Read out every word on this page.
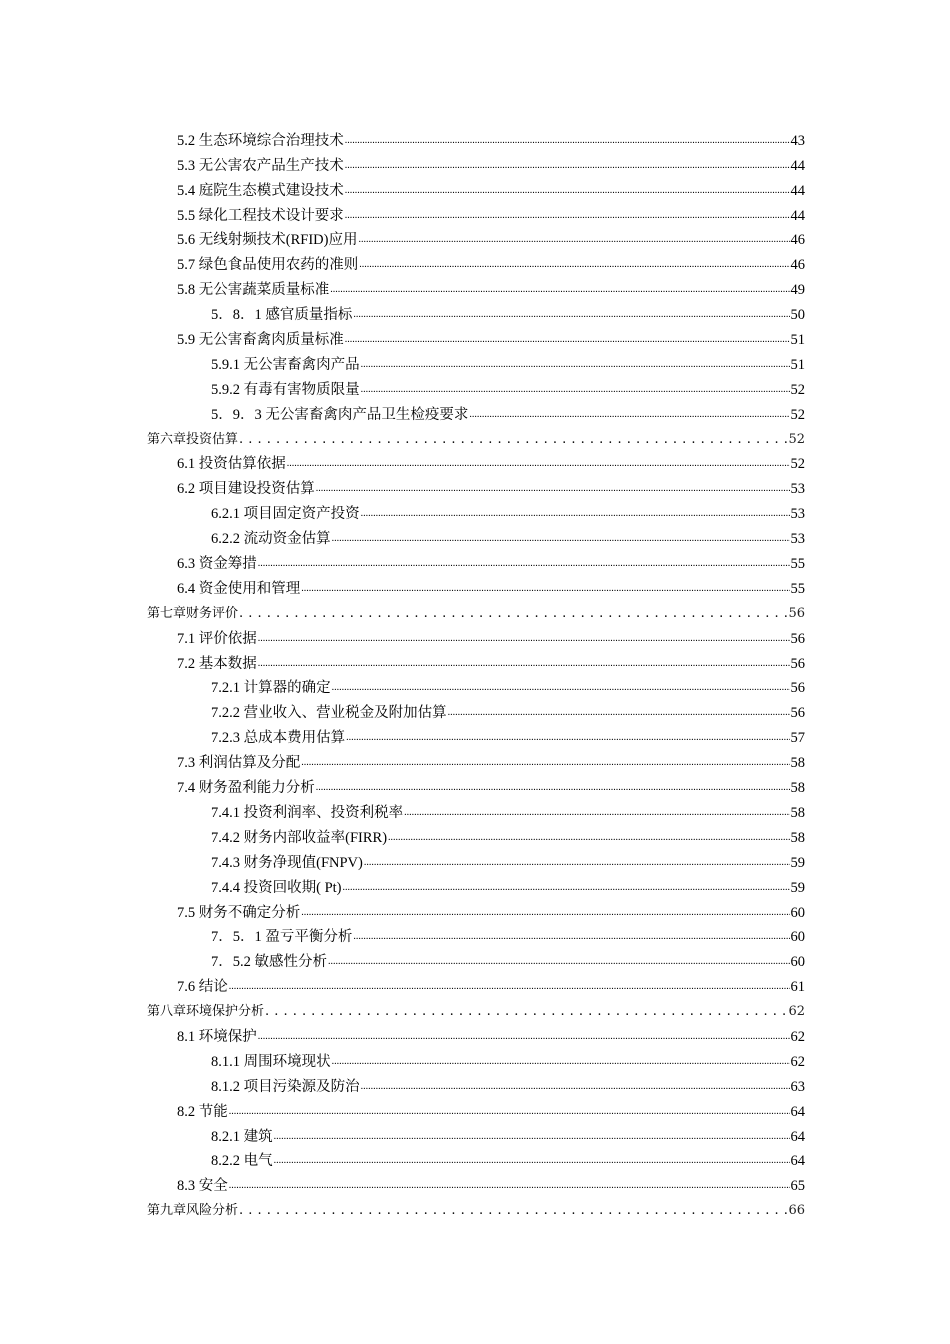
5.2 生态环境综合治理技术 .....	43
5.3 无公害农产品生产技术 .....	44
5.4 庭院生态模式建设技术 .....	44
5.5 绿化工程技术设计要求 .....	44
5.6 无线射频技术(RFID)应用 .....	46
5.7 绿色食品使用农药的准则 .....	46
5.8 无公害蔬菜质量标准 .....	49
5．8．1 感官质量指标 .....	50
5.9 无公害畜禽肉质量标准 .....	51
5.9.1 无公害畜禽肉产品 .....	51
5.9.2 有毒有害物质限量 .....	52
5．9．3 无公害畜禽肉产品卫生检疫要求 .....	52
第六章投资估算 .....	52
6.1 投资估算依据 .....	52
6.2 项目建设投资估算 .....	53
6.2.1 项目固定资产投资 .....	53
6.2.2 流动资金估算 .....	53
6.3 资金筹措 .....	55
6.4 资金使用和管理 .....	55
第七章财务评价 .....	56
7.1 评价依据 .....	56
7.2 基本数据 .....	56
7.2.1 计算器的确定 .....	56
7.2.2 营业收入、营业税金及附加估算 .....	56
7.2.3 总成本费用估算 .....	57
7.3 利润估算及分配 .....	58
7.4 财务盈利能力分析 .....	58
7.4.1 投资利润率、投资利税率 .....	58
7.4.2 财务内部收益率(FIRR) .....	58
7.4.3 财务净现值(FNPV) .....	59
7.4.4 投资回收期( Pt) .....	59
7.5 财务不确定分析 .....	60
7．5．1 盈亏平衡分析 .....	60
7．5.2 敏感性分析 .....	60
7.6 结论 .....	61
第八章环境保护分析 .....	62
8.1 环境保护 .....	62
8.1.1 周围环境现状 .....	62
8.1.2 项目污染源及防治 .....	63
8.2 节能 .....	64
8.2.1 建筑 .....	64
8.2.2 电气 .....	64
8.3 安全 .....	65
第九章风险分析 .....	66
